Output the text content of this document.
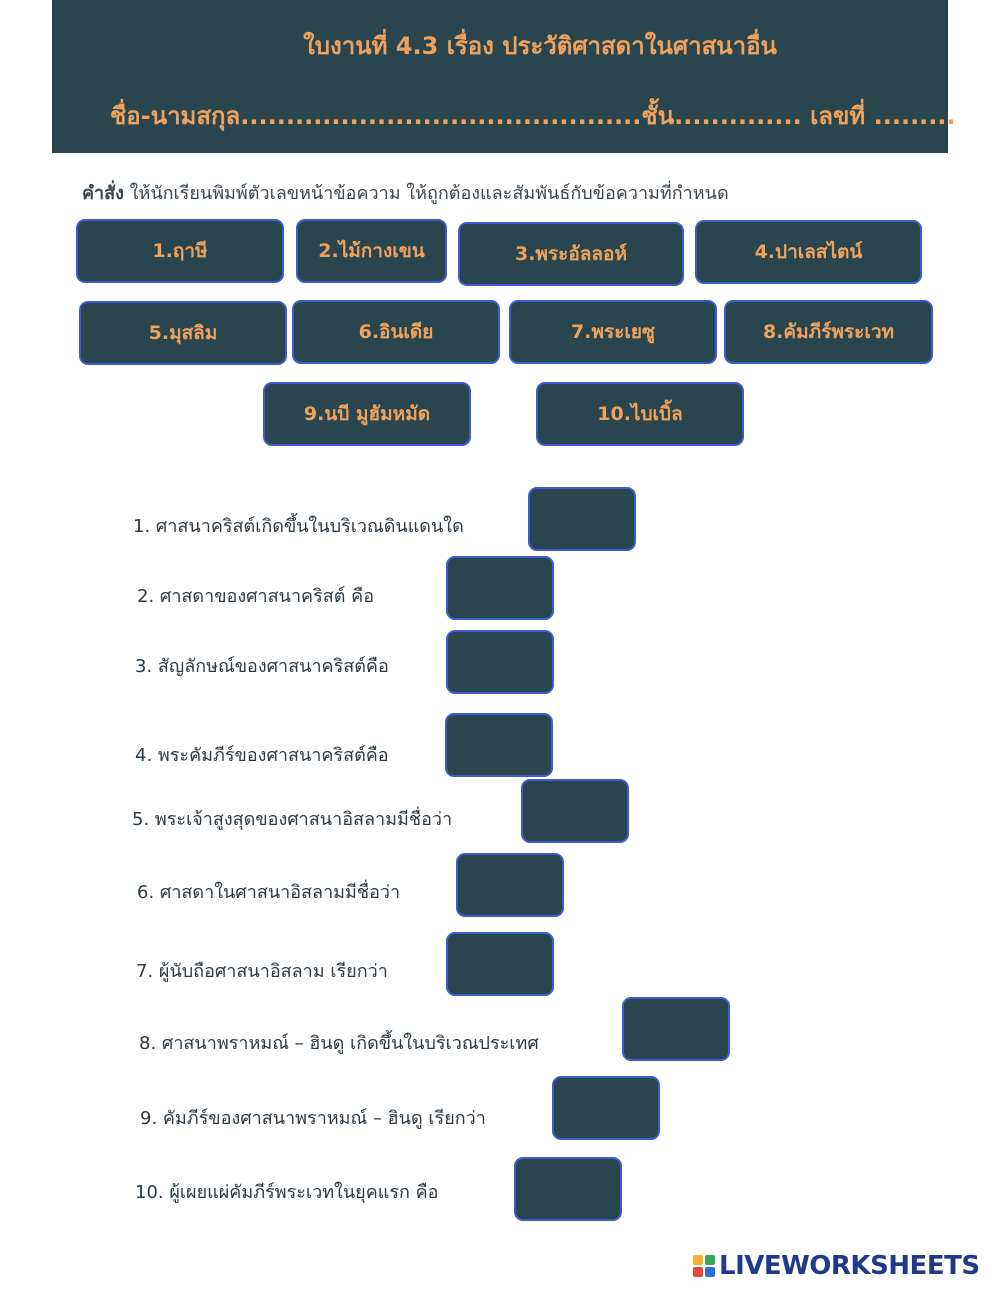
ใบงานที่ 4.3 เรื่อง ประวัติศาสดาในศาสนาอื่น
ชื่อ-นามสกุล............................................ชั้น.............. เลขที่ .........
คำสั่ง ให้นักเรียนพิมพ์ตัวเลขหน้าข้อความ ให้ถูกต้องและสัมพันธ์กับข้อความที่กำหนด
1.ฤาษี	2.ไม้กางเขน	3.พระอัลลอห์	4.ปาเลสไตน์
5.มุสลิม	6.อินเดีย	7.พระเยซู	8.คัมภีร์พระเวท
9.นบี มูฮัมหมัด	10.ไบเบิ้ล
1. ศาสนาคริสต์เกิดขึ้นในบริเวณดินแดนใด
2. ศาสดาของศาสนาคริสต์ คือ
3. สัญลักษณ์ของศาสนาคริสต์คือ
4. พระคัมภีร์ของศาสนาคริสต์คือ
5. พระเจ้าสูงสุดของศาสนาอิสลามมีชื่อว่า
6. ศาสดาในศาสนาอิสลามมีชื่อว่า
7. ผู้นับถือศาสนาอิสลาม เรียกว่า
8. ศาสนาพราหมณ์ – ฮินดู เกิดขึ้นในบริเวณประเทศ
9. คัมภีร์ของศาสนาพราหมณ์ – ฮินดู เรียกว่า
10. ผู้เผยแผ่คัมภีร์พระเวทในยุคแรก คือ
LIVEWORKSHEETS
